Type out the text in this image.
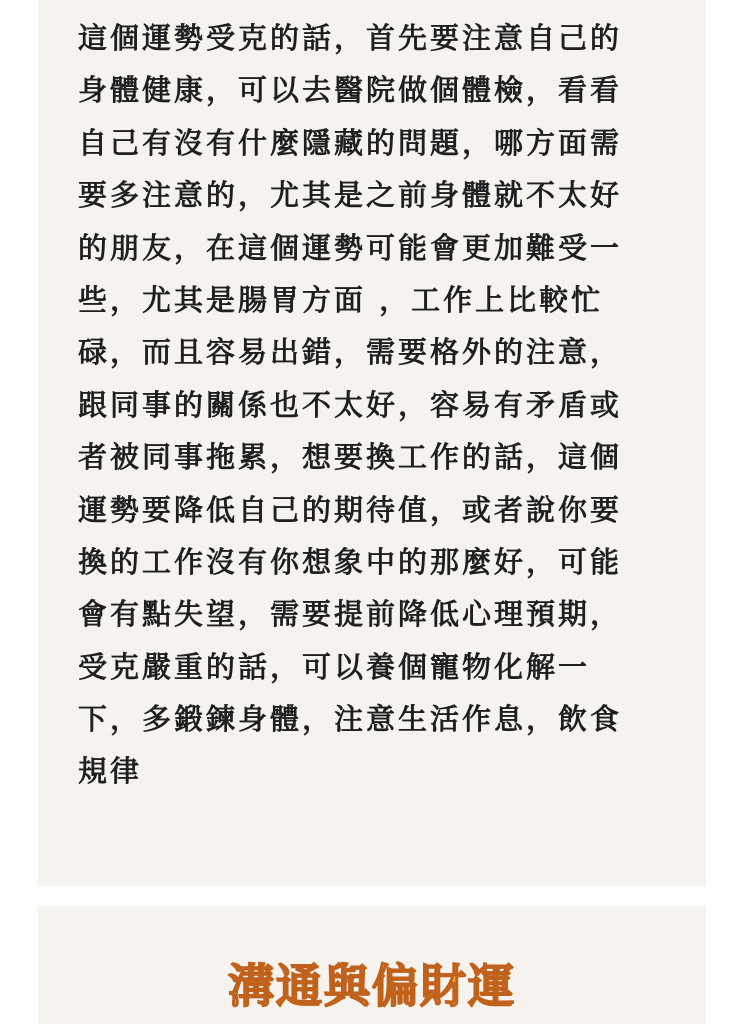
這個運勢受克的話，首先要注意自己的
身體健康，可以去醫院做個體檢，看看
自己有沒有什麼隱藏的問題，哪方面需
要多注意的，尤其是之前身體就不太好
的朋友，在這個運勢可能會更加難受一
些，尤其是腸胃方面 ，工作上比較忙
碌，而且容易出錯，需要格外的注意，
跟同事的關係也不太好，容易有矛盾或
者被同事拖累，想要換工作的話，這個
運勢要降低自己的期待值，或者說你要
換的工作沒有你想象中的那麼好，可能
會有點失望，需要提前降低心理預期，
受克嚴重的話，可以養個寵物化解一
下，多鍛鍊身體，注意生活作息，飲食
規律
溝通與偏財運
